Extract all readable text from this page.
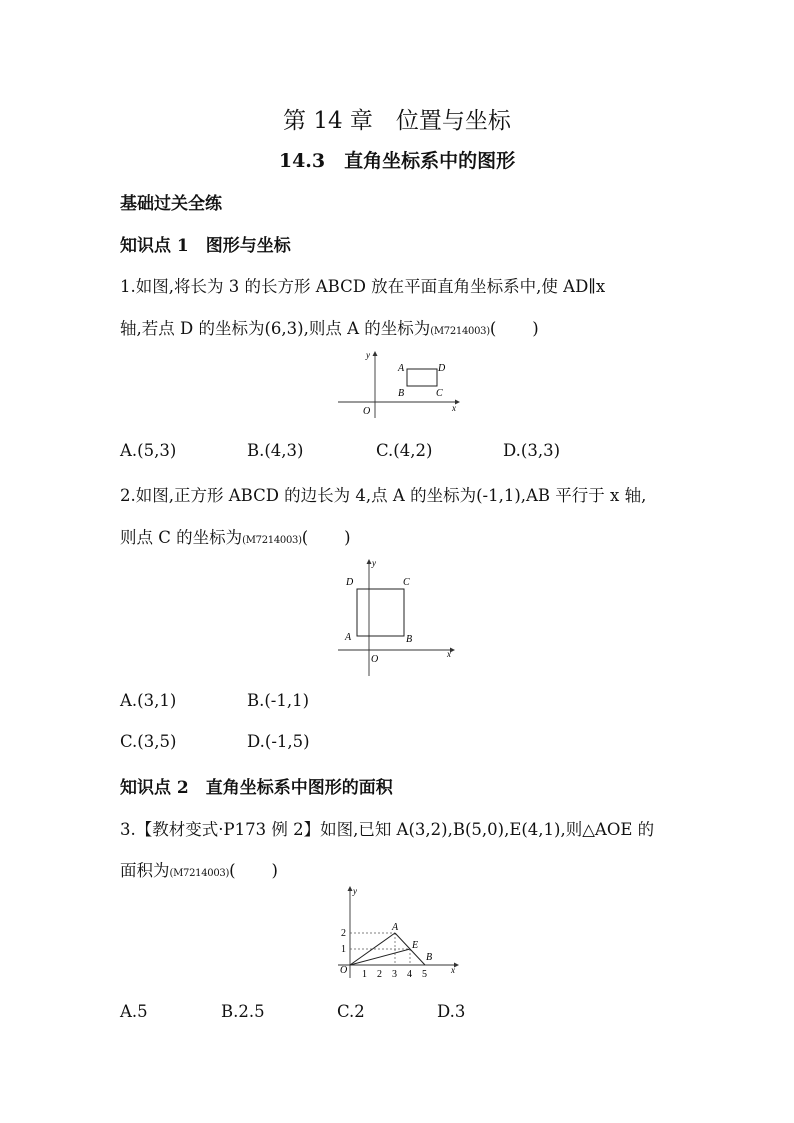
第 14 章　位置与坐标
14.3　直角坐标系中的图形
基础过关全练
知识点 1　图形与坐标
1.如图,将长为 3 的长方形 ABCD 放在平面直角坐标系中,使 AD∥x
轴,若点 D 的坐标为(6,3),则点 A 的坐标为(M7214003)( )
A	D
B	C
O	x
y
A.(5,3)	B.(4,3)	C.(4,2)	D.(3,3)
2.如图,正方形 ABCD 的边长为 4,点 A 的坐标为(-1,1),AB 平行于 x 轴,
则点 C 的坐标为(M7214003)( )
D	C
A	B
O	x
y
A.(3,1)	B.(-1,1)
C.(3,5)	D.(-1,5)
知识点 2　直角坐标系中图形的面积
3.【教材变式·P173 例 2】如图,已知 A(3,2),B(5,0),E(4,1),则△AOE 的
面积为(M7214003)( )
A
E
B
O	x
y
1 2 3 4 5
1
2
A.5	B.2.5	C.2	D.3
